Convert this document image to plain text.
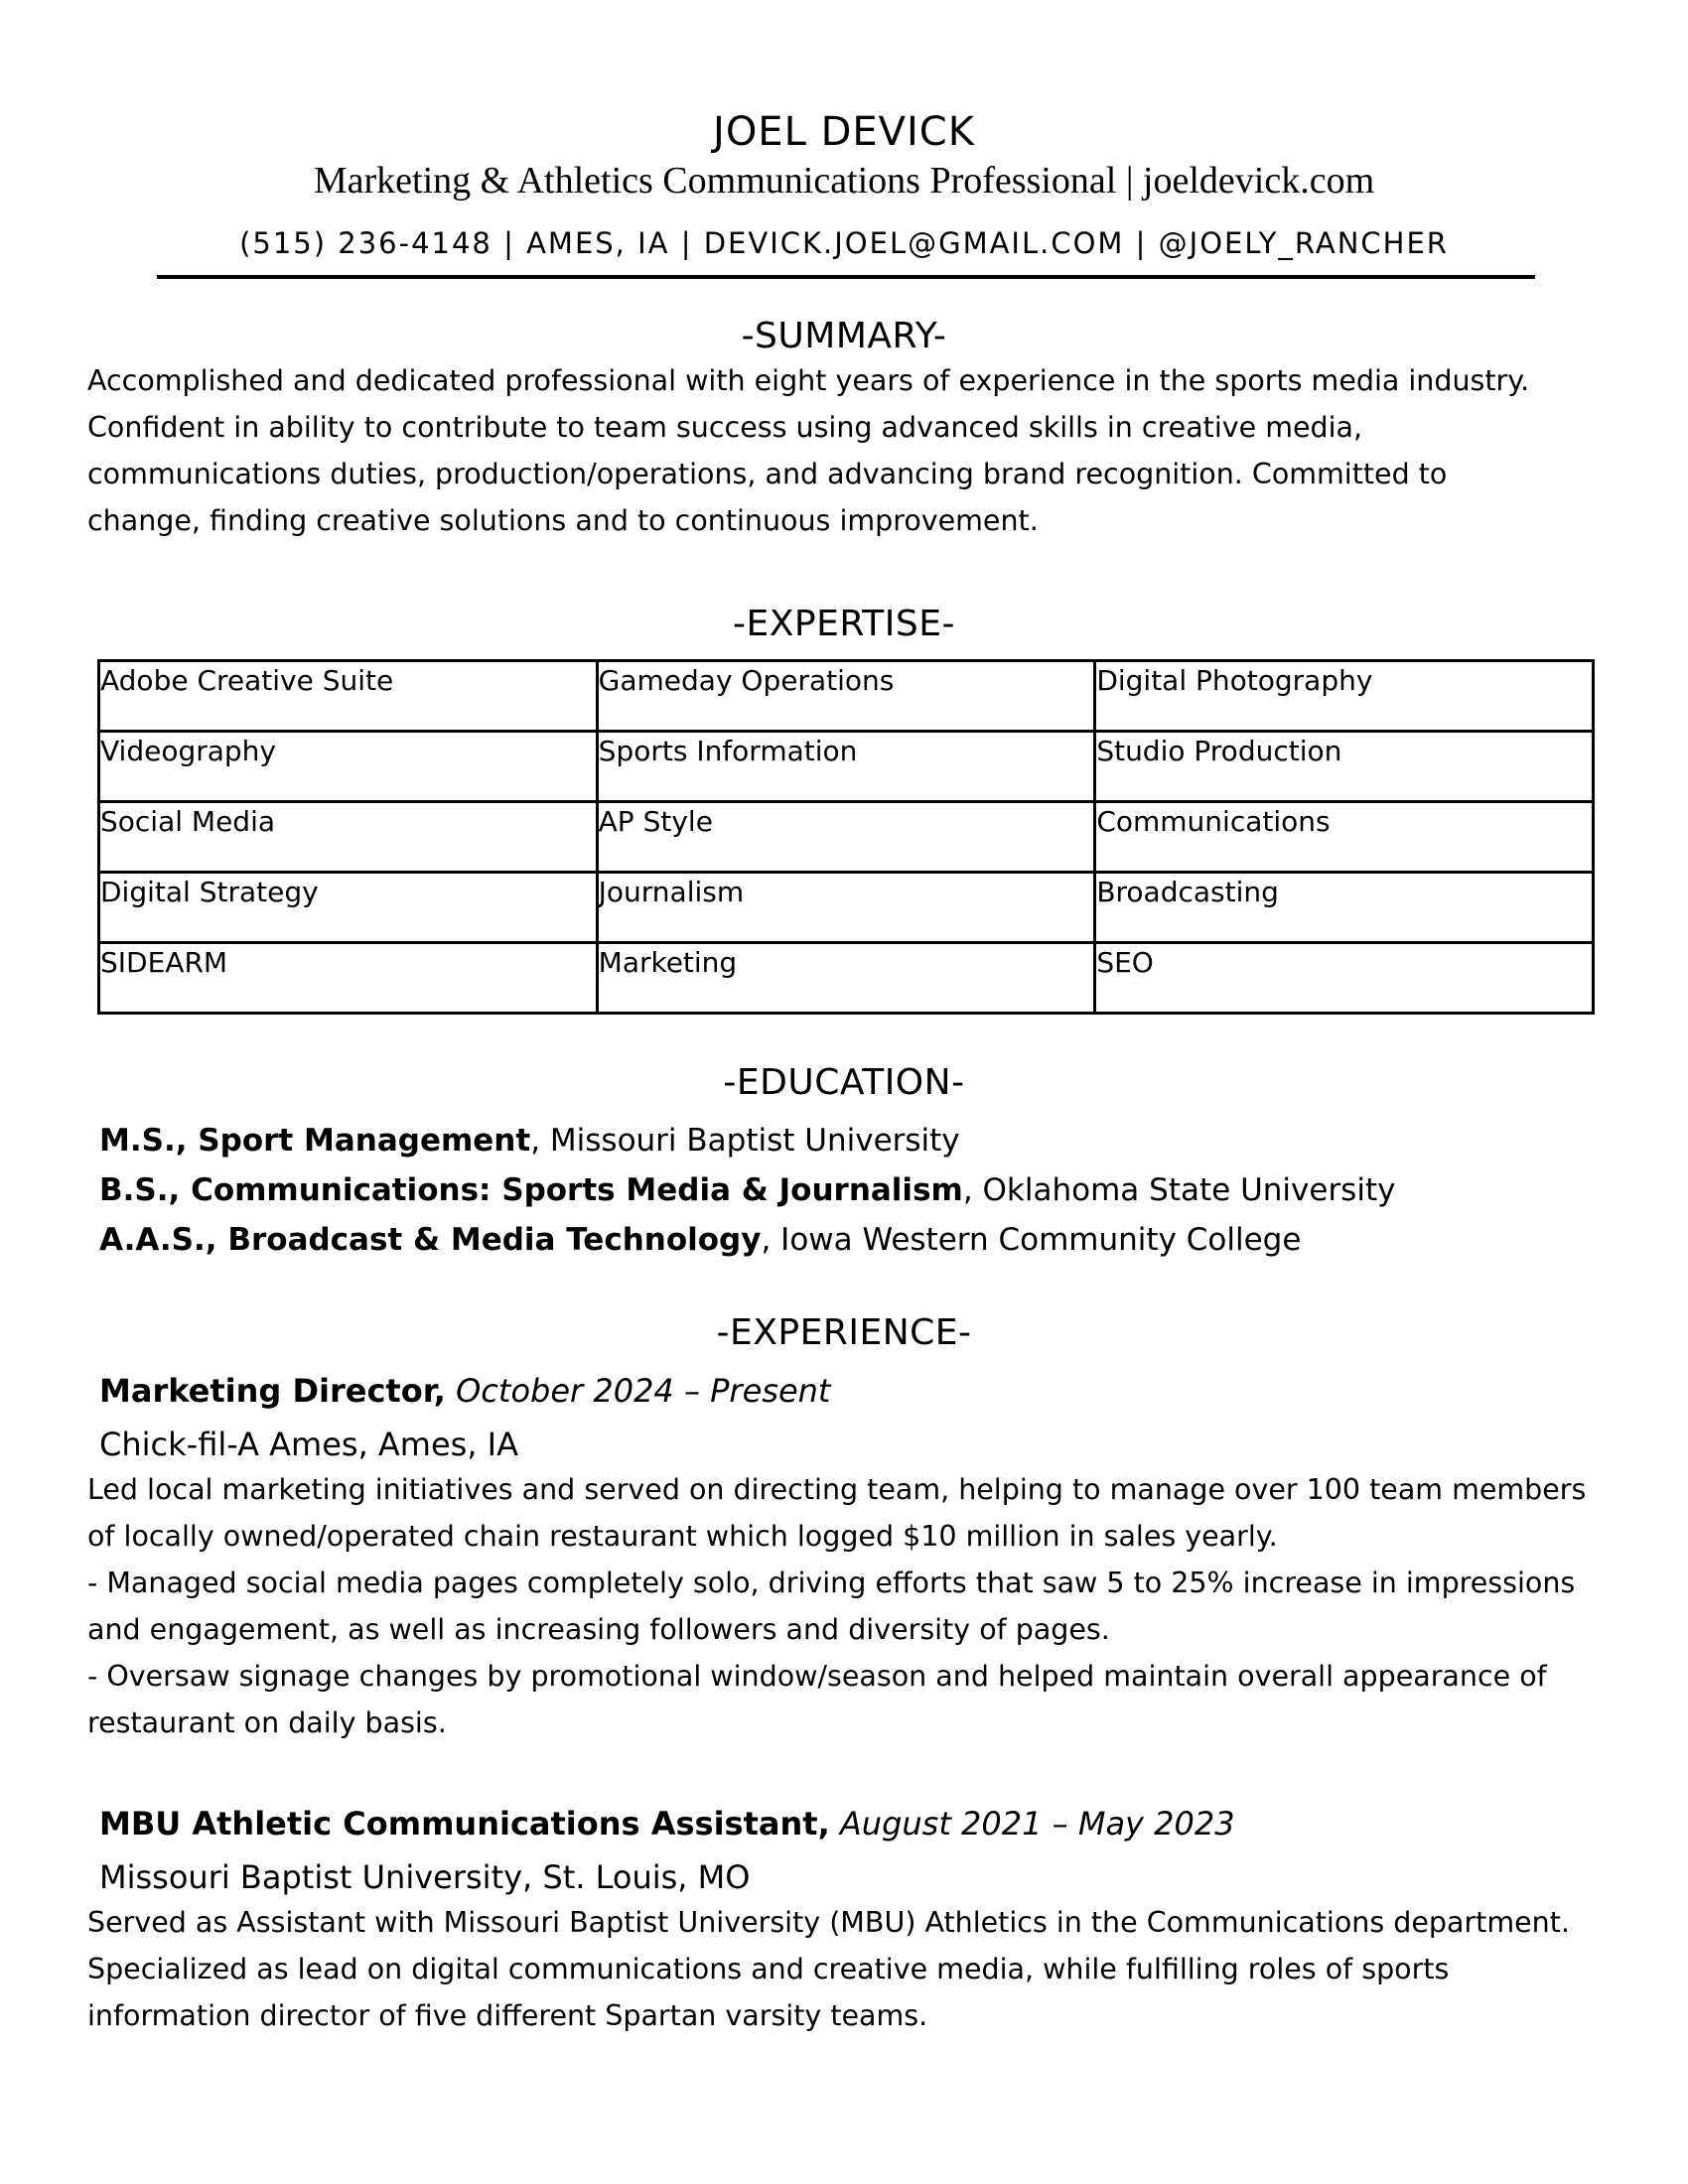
JOEL DEVICK
Marketing & Athletics Communications Professional | joeldevick.com
(515) 236-4148 | AMES, IA | DEVICK.JOEL@GMAIL.COM | @JOELY_RANCHER
-SUMMARY-

Accomplished and dedicated professional with eight years of experience in the sports media industry.

Confident in ability to contribute to team success using advanced skills in creative media,

communications duties, production/operations, and advancing brand recognition. Committed to

change, finding creative solutions and to continuous improvement.

-EXPERTISE-
Adobe Creative Suite	Gameday Operations	Digital Photography
Videography	Sports Information	Studio Production
Social Media	AP Style	Communications
Digital Strategy	Journalism	Broadcasting
SIDEARM	Marketing	SEO
-EDUCATION-
M.S., Sport Management, Missouri Baptist University
B.S., Communications: Sports Media & Journalism, Oklahoma State University
A.A.S., Broadcast & Media Technology, Iowa Western Community College
-EXPERIENCE-
Marketing Director, October 2024 – Present
Chick-fil-A Ames, Ames, IA

Led local marketing initiatives and served on directing team, helping to manage over 100 team members

of locally owned/operated chain restaurant which logged $10 million in sales yearly.

- Managed social media pages completely solo, driving efforts that saw 5 to 25% increase in impressions

and engagement, as well as increasing followers and diversity of pages.

- Oversaw signage changes by promotional window/season and helped maintain overall appearance of

restaurant on daily basis.

MBU Athletic Communications Assistant, August 2021 – May 2023
Missouri Baptist University, St. Louis, MO

Served as Assistant with Missouri Baptist University (MBU) Athletics in the Communications department.

Specialized as lead on digital communications and creative media, while fulfilling roles of sports

information director of five different Spartan varsity teams.
